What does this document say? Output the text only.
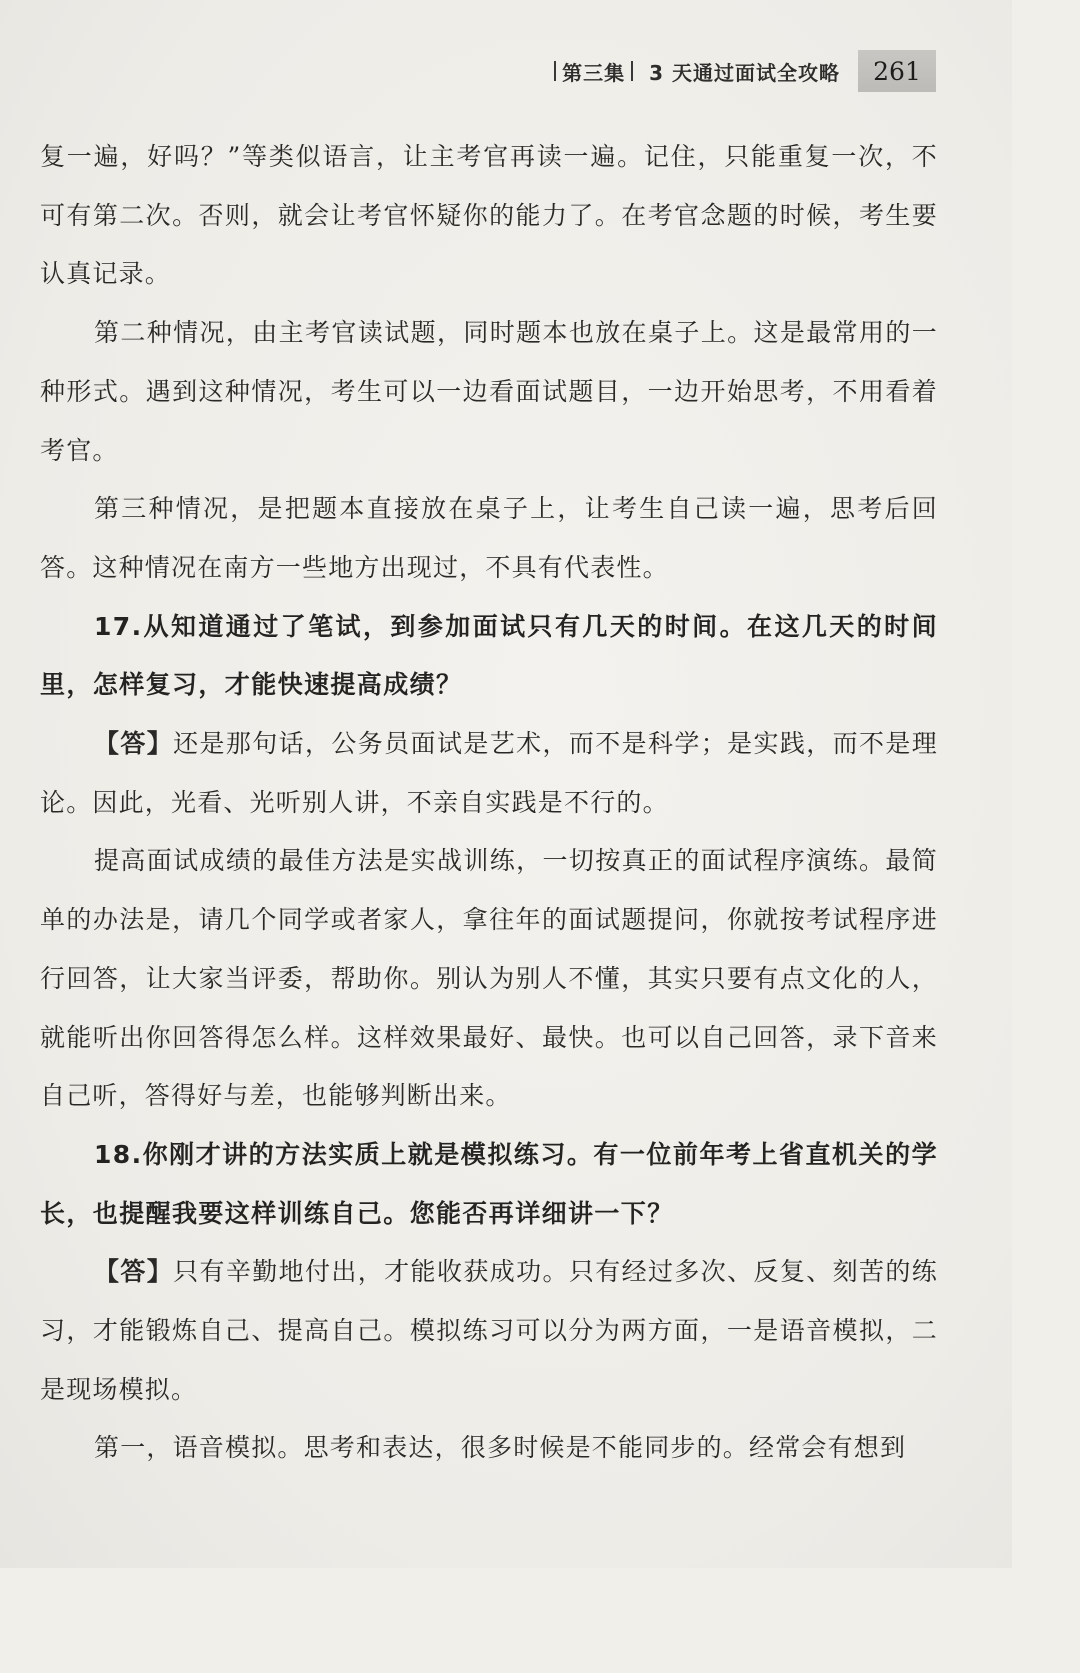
第三集 3 天通过面试全攻略	261

复一遍，好吗？”等类似语言，让主考官再读一遍。记住，只能重复一次，不可有第二次。否则，就会让考官怀疑你的能力了。在考官念题的时候，考生要认真记录。

第二种情况，由主考官读试题，同时题本也放在桌子上。这是最常用的一种形式。遇到这种情况，考生可以一边看面试题目，一边开始思考，不用看着考官。

第三种情况，是把题本直接放在桌子上，让考生自己读一遍，思考后回答。这种情况在南方一些地方出现过，不具有代表性。

17.从知道通过了笔试，到参加面试只有几天的时间。在这几天的时间里，怎样复习，才能快速提高成绩？

【答】还是那句话，公务员面试是艺术，而不是科学；是实践，而不是理论。因此，光看、光听别人讲，不亲自实践是不行的。

提高面试成绩的最佳方法是实战训练，一切按真正的面试程序演练。最简单的办法是，请几个同学或者家人，拿往年的面试题提问，你就按考试程序进行回答，让大家当评委，帮助你。别认为别人不懂，其实只要有点文化的人，就能听出你回答得怎么样。这样效果最好、最快。也可以自己回答，录下音来自己听，答得好与差，也能够判断出来。

18.你刚才讲的方法实质上就是模拟练习。有一位前年考上省直机关的学长，也提醒我要这样训练自己。您能否再详细讲一下？

【答】只有辛勤地付出，才能收获成功。只有经过多次、反复、刻苦的练习，才能锻炼自己、提高自己。模拟练习可以分为两方面，一是语音模拟，二是现场模拟。

第一，语音模拟。思考和表达，很多时候是不能同步的。经常会有想到
